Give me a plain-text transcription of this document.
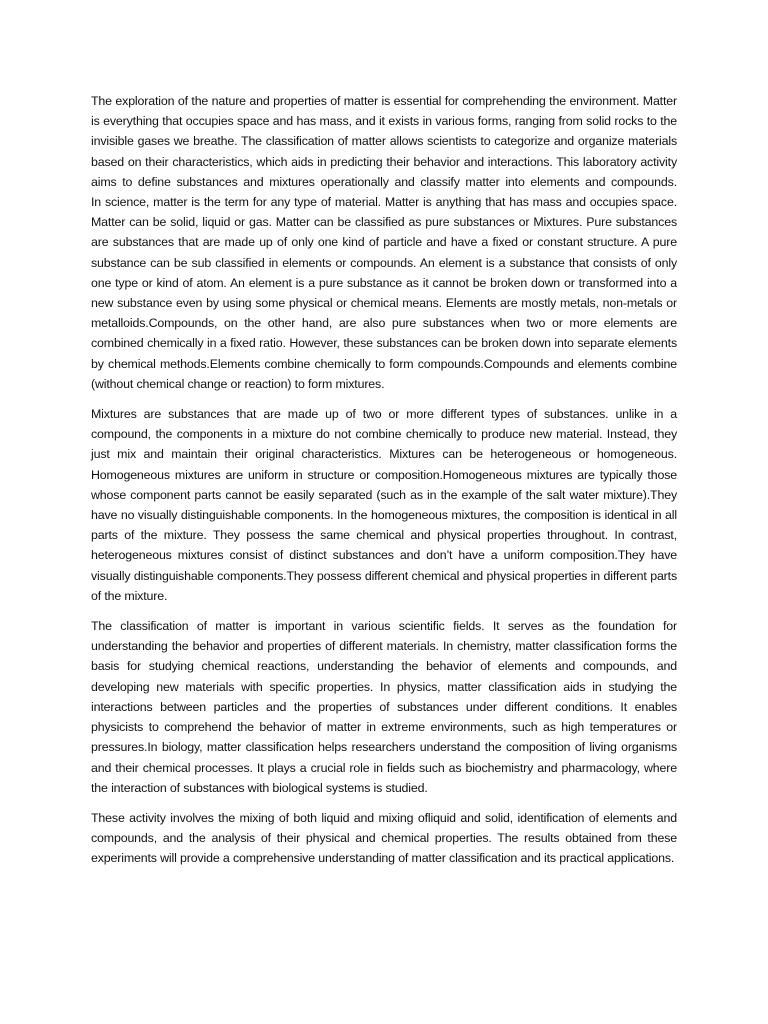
The exploration of the nature and properties of matter is essential for comprehending the environment. Matter is everything that occupies space and has mass, and it exists in various forms, ranging from solid rocks to the invisible gases we breathe. The classification of matter allows scientists to categorize and organize materials based on their characteristics, which aids in predicting their behavior and interactions. This laboratory activity aims to define substances and mixtures operationally and classify matter into elements and compounds.
In science, matter is the term for any type of material. Matter is anything that has mass and occupies space. Matter can be solid, liquid or gas. Matter can be classified as pure substances or Mixtures. Pure substances are substances that are made up of only one kind of particle and have a fixed or constant structure. A pure substance can be sub classified in elements or compounds. An element is a substance that consists of only one type or kind of atom. An element is a pure substance as it cannot be broken down or transformed into a new substance even by using some physical or chemical means. Elements are mostly metals, non-metals or metalloids.Compounds, on the other hand, are also pure substances when two or more elements are combined chemically in a fixed ratio. However, these substances can be broken down into separate elements by chemical methods.Elements combine chemically to form compounds.Compounds and elements combine (without chemical change or reaction) to form mixtures.

Mixtures are substances that are made up of two or more different types of substances. unlike in a compound, the components in a mixture do not combine chemically to produce new material. Instead, they just mix and maintain their original characteristics. Mixtures can be heterogeneous or homogeneous. Homogeneous mixtures are uniform in structure or composition.Homogeneous mixtures are typically those whose component parts cannot be easily separated (such as in the example of the salt water mixture).They have no visually distinguishable components. In the homogeneous mixtures, the composition is identical in all parts of the mixture. They possess the same chemical and physical properties throughout. In contrast, heterogeneous mixtures consist of distinct substances and don’t have a uniform composition.They have visually distinguishable components.They possess different chemical and physical properties in different parts of the mixture.

The classification of matter is important in various scientific fields. It serves as the foundation for understanding the behavior and properties of different materials. In chemistry, matter classification forms the basis for studying chemical reactions, understanding the behavior of elements and compounds, and developing new materials with specific properties. In physics, matter classification aids in studying the interactions between particles and the properties of substances under different conditions. It enables physicists to comprehend the behavior of matter in extreme environments, such as high temperatures or pressures.In biology, matter classification helps researchers understand the composition of living organisms and their chemical processes. It plays a crucial role in fields such as biochemistry and pharmacology, where the interaction of substances with biological systems is studied.

These activity involves the mixing of both liquid and mixing ofliquid and solid, identification of elements and compounds, and the analysis of their physical and chemical properties. The results obtained from these experiments will provide a comprehensive understanding of matter classification and its practical applications.
